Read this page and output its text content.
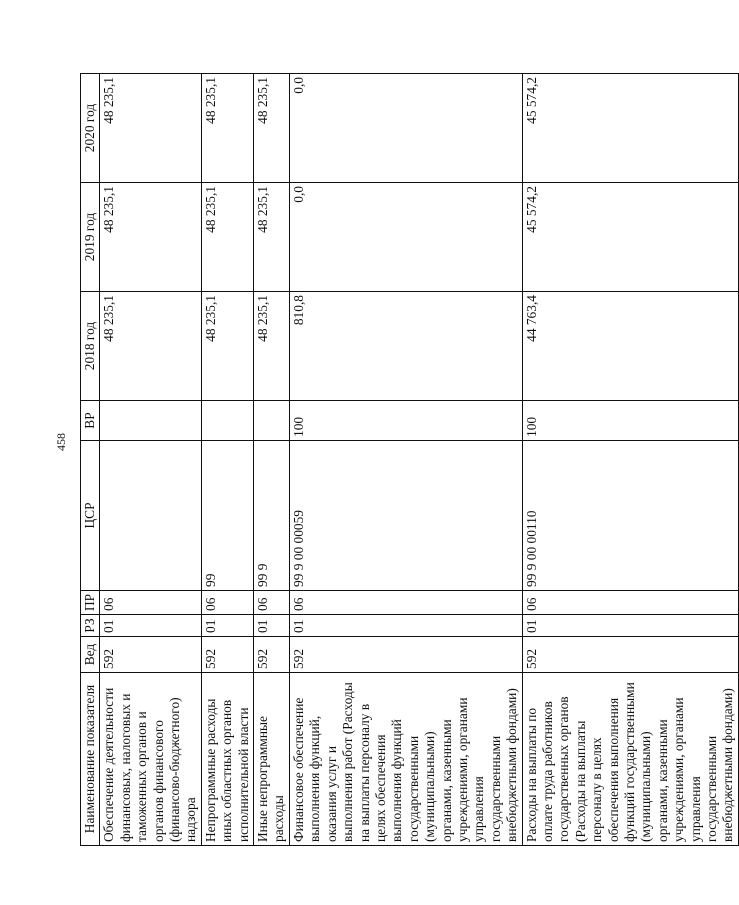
458
Наименование показателя	Вед	РЗ	ПР	ЦСР	ВР	2018 год	2019 год	2020 год
Обеспечение деятельности финансовых, налоговых и таможенных органов и органов финансового (финансово-бюджетного) надзора	592	01	06			48 235,1	48 235,1	48 235,1
Непрограммные расходы иных областных органов исполнительной власти	592	01	06	99		48 235,1	48 235,1	48 235,1
Иные непрограммные расходы	592	01	06	99 9		48 235,1	48 235,1	48 235,1
Финансовое обеспечение выполнения функций, оказания услуг и выполнения работ (Расходы на выплаты персоналу в целях обеспечения выполнения функций государственными (муниципальными) органами, казенными учреждениями, органами управления государственными внебюджетными фондами)	592	01	06	99 9 00 00059	100	810,8	0,0	0,0
Расходы на выплаты по оплате труда работников государственных органов (Расходы на выплаты персоналу в целях обеспечения выполнения функций государственными (муниципальными) органами, казенными учреждениями, органами управления государственными внебюджетными фондами)	592	01	06	99 9 00 00110	100	44 763,4	45 574,2	45 574,2
